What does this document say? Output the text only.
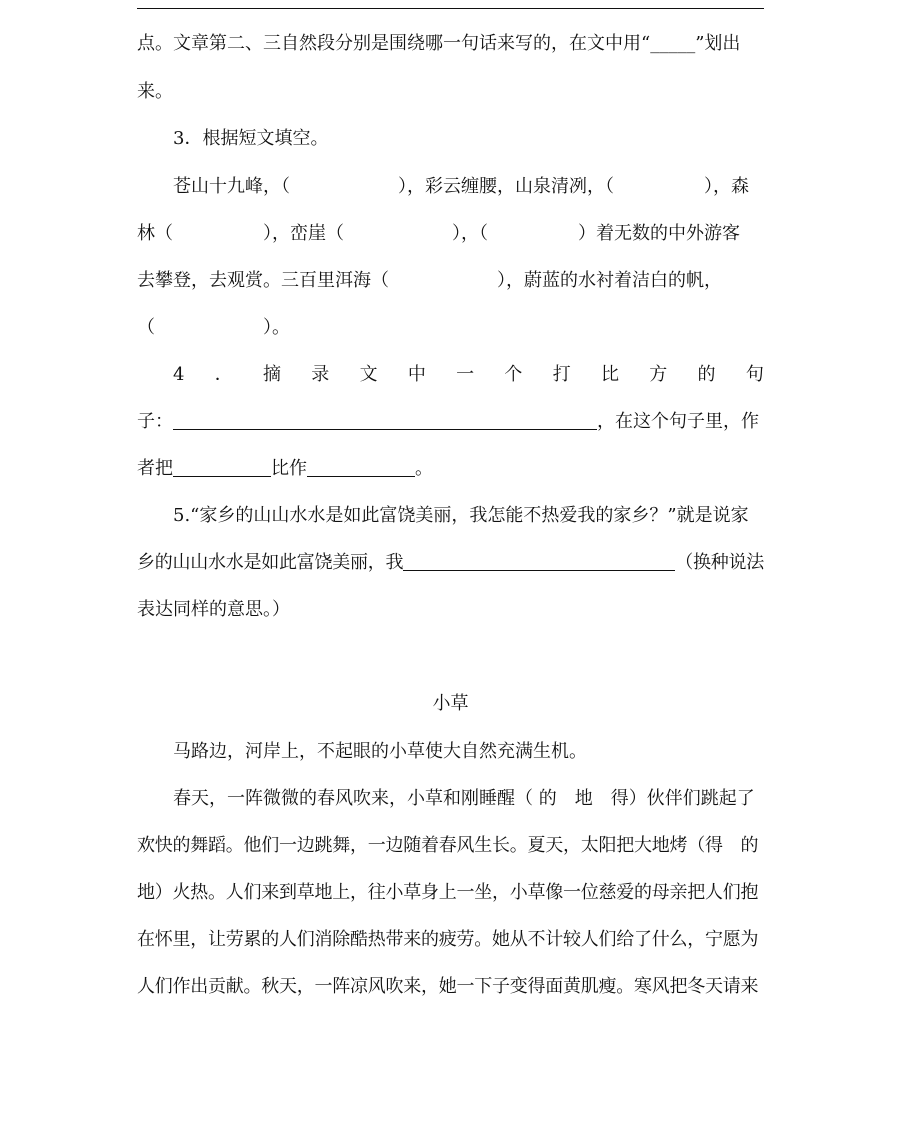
点。文章第二、三自然段分别是围绕哪一句话来写的，在文中用“_____”划出
来。
3．根据短文填空。
苍山十九峰，（　　　　　　），彩云缠腰，山泉清冽，（　　　　　），森
林（　　　　　），峦崖（　　　　　　），（　　　　　）着无数的中外游客
去攀登，去观赏。三百里洱海（　　　　　　），蔚蓝的水衬着洁白的帆，
（　　　　　　）。
4 ． 摘 录 文 中 一 个 打 比 方 的 句
子：	，在这个句子里，作
者把	比作	。
5.“家乡的山山水水是如此富饶美丽，我怎能不热爱我的家乡？”就是说家
乡的山山水水是如此富饶美丽，我	（换种说法
表达同样的意思。）
小草
马路边，河岸上，不起眼的小草使大自然充满生机。
春天，一阵微微的春风吹来，小草和刚睡醒（ 的　地　得）伙伴们跳起了
欢快的舞蹈。他们一边跳舞，一边随着春风生长。夏天，太阳把大地烤（得　的
地）火热。人们来到草地上，往小草身上一坐，小草像一位慈爱的母亲把人们抱
在怀里，让劳累的人们消除酷热带来的疲劳。她从不计较人们给了什么，宁愿为
人们作出贡献。秋天，一阵凉风吹来，她一下子变得面黄肌瘦。寒风把冬天请来
